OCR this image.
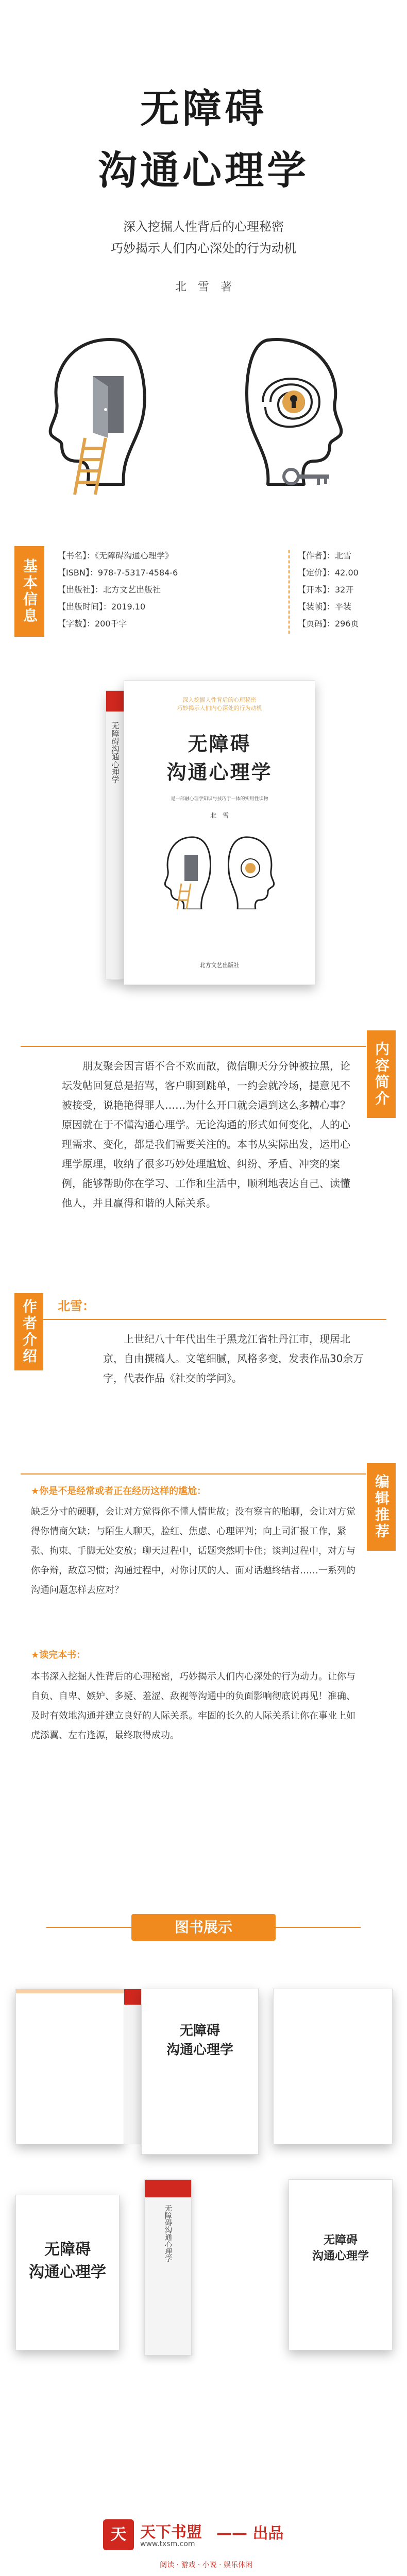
无障碍
沟通心理学
深入挖掘人性背后的心理秘密
巧妙揭示人们内心深处的行为动机
北　雪　著
基本信息
【书名】：《无障碍沟通心理学》
【ISBN】：978-7-5317-4584-6
【出版社】：北方文艺出版社
【出版时间】：2019.10
【字数】：200千字
【作者】：北雪
【定价】：42.00
【开本】：32开
【装帧】：平装
【页码】：296页
无障碍沟通心理学
深入挖掘人性背后的心理秘密
巧妙揭示人们内心深处的行为动机
无障碍
沟通心理学
是一部融心理学知识与技巧于一体的实用性读物
北　雪
北方文艺出版社
内容简介
朋友聚会因言语不合不欢而散，微信聊天分分钟被拉黑，论坛发帖回复总是招骂，客户聊到跳单，一约会就冷场，提意见不被接受，说艳艳得罪人……为什么开口就会遇到这么多糟心事？原因就在于不懂沟通心理学。无论沟通的形式如何变化，人的心理需求、变化，都是我们需要关注的。本书从实际出发，运用心理学原理，收纳了很多巧妙处理尴尬、纠纷、矛盾、冲突的案例，能够帮助你在学习、工作和生活中，顺利地表达自己、读懂他人，并且赢得和谐的人际关系。
作者介绍	北雪：
上世纪八十年代出生于黑龙江省牡丹江市，现居北京，自由撰稿人。文笔细腻，风格多变，发表作品30余万字，代表作品《社交的学问》。
编辑推荐
★你是不是经常或者正在经历这样的尴尬：
缺乏分寸的硬聊，会让对方觉得你不懂人情世故；没有察言的胎聊，会让对方觉得你情商欠缺；与陌生人聊天，脸红、焦虑、心理评判；向上司汇报工作，紧张、拘束、手脚无处安放；聊天过程中，话题突然明卡住；谈判过程中，对方与你争辩，敌意习惯；沟通过程中，对你讨厌的人、面对话题终结者……一系列的沟通问题怎样去应对？
★读完本书：
本书深入挖掘人性背后的心理秘密，巧妙揭示人们内心深处的行为动力。让你与自负、自卑、嫉妒、多疑、羞涩、敌视等沟通中的负面影响彻底说再见！准确、及时有效地沟通并建立良好的人际关系。牢固的长久的人际关系让你在事业上如虎添翼、左右逢源，最终取得成功。
图书展示
无障碍
沟通心理学
无障碍
沟通心理学
无障碍沟通心理学	无障碍
沟通心理学
天 天下书盟
www.txsm.com
—— 出品
阅读 · 游戏 · 小说 · 娱乐休闲
